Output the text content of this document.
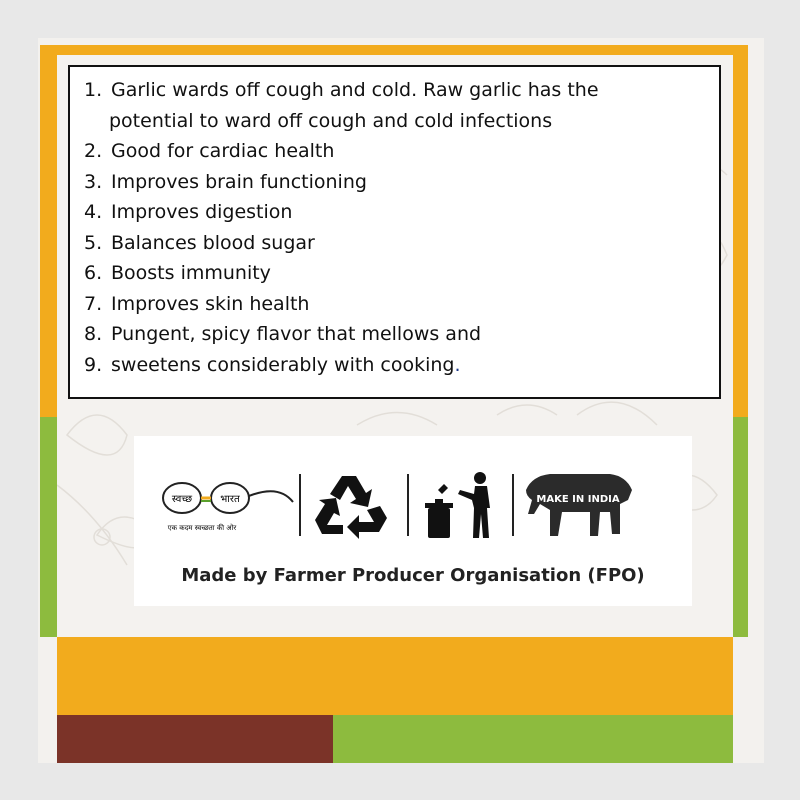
1. Garlic wards off cough and cold. Raw garlic has the
potential to ward off cough and cold infections
2. Good for cardiac health
3. Improves brain functioning
4. Improves digestion
5. Balances blood sugar
6. Boosts immunity
7. Improves skin health
8. Pungent, spicy flavor that mellows and
9. sweetens considerably with cooking.
स्वच्छ	भारत
एक कदम स्वच्छता की ओर
MAKE IN INDIA
Made by Farmer Producer Organisation (FPO)
